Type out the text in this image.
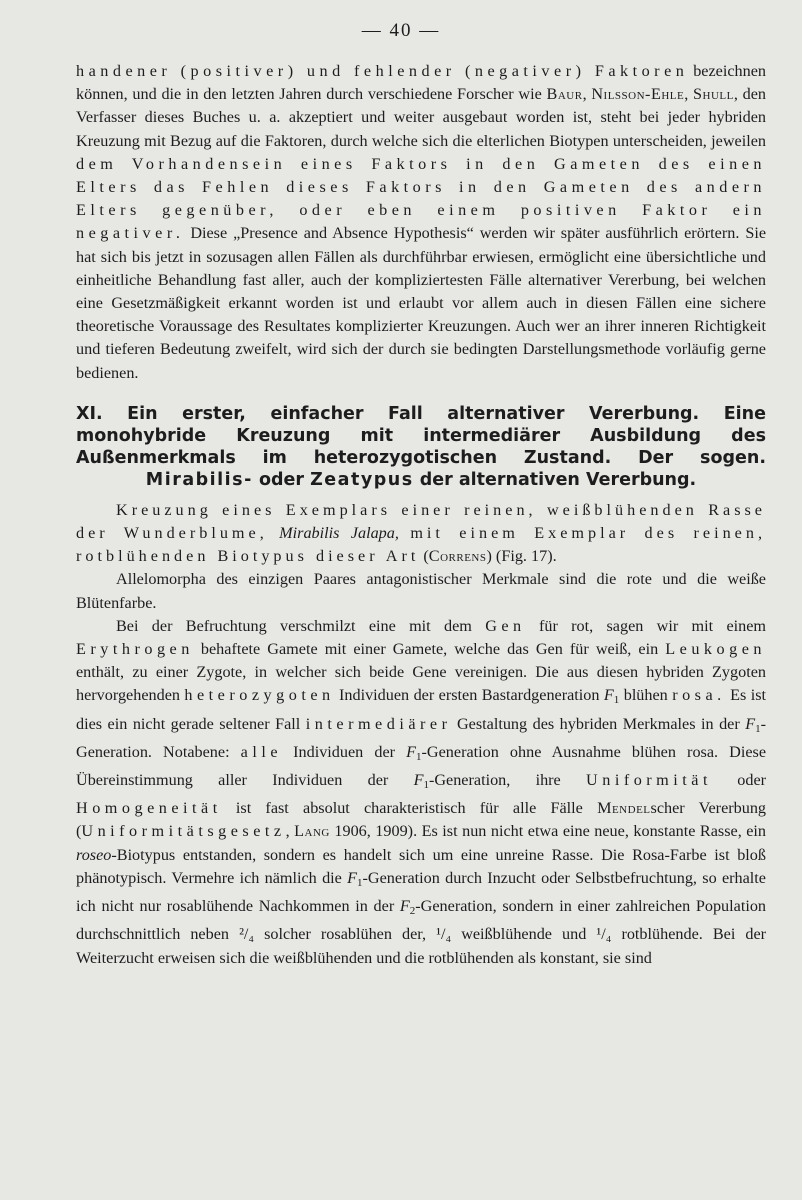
— 40 —

handener (positiver) und fehlender (negativer) Faktoren bezeichnen können, und die in den letzten Jahren durch verschiedene Forscher wie Baur, Nilsson-Ehle, Shull, den Verfasser dieses Buches u. a. akzeptiert und weiter ausgebaut worden ist, steht bei jeder hybriden Kreuzung mit Bezug auf die Faktoren, durch welche sich die elterlichen Biotypen unterscheiden, jeweilen dem Vorhandensein eines Faktors in den Gameten des einen Elters das Fehlen dieses Faktors in den Gameten des andern Elters gegenüber, oder eben einem positiven Faktor ein negativer. Diese „Presence and Absence Hypothesis“ werden wir später ausführlich erörtern. Sie hat sich bis jetzt in sozusagen allen Fällen als durchführbar erwiesen, ermöglicht eine übersichtliche und einheitliche Behandlung fast aller, auch der kompliziertesten Fälle alternativer Vererbung, bei welchen eine Gesetzmäßigkeit erkannt worden ist und erlaubt vor allem auch in diesen Fällen eine sichere theoretische Voraussage des Resultates komplizierter Kreuzungen. Auch wer an ihrer inneren Richtigkeit und tieferen Bedeutung zweifelt, wird sich der durch sie bedingten Darstellungsmethode vorläufig gerne bedienen.

XI. Ein erster, einfacher Fall alternativer Vererbung. Eine monohybride Kreuzung mit intermediärer Ausbildung des Außenmerkmals im heterozygotischen Zustand. Der sogen. Mirabilis- oder Zeatypus der alternativen Vererbung.

Kreuzung eines Exemplars einer reinen, weißblühenden Rasse der Wunderblume, Mirabilis Jalapa, mit einem Exemplar des reinen, rotblühenden Biotypus dieser Art (Correns) (Fig. 17).

Allelomorpha des einzigen Paares antagonistischer Merkmale sind die rote und die weiße Blütenfarbe.

Bei der Befruchtung verschmilzt eine mit dem Gen für rot, sagen wir mit einem Erythrogen behaftete Gamete mit einer Gamete, welche das Gen für weiß, ein Leukogen enthält, zu einer Zygote, in welcher sich beide Gene vereinigen. Die aus diesen hybriden Zygoten hervorgehenden heterozygoten Individuen der ersten Bastardgeneration $F_1$ blühen rosa. Es ist dies ein nicht gerade seltener Fall intermediärer Gestaltung des hybriden Merkmales in der $F_1$-Generation. Notabene: alle Individuen der $F_1$-Generation ohne Ausnahme blühen rosa. Diese Übereinstimmung aller Individuen der $F_1$-Generation, ihre Uniformität oder Homogeneität ist fast absolut charakteristisch für alle Fälle Mendelscher Vererbung (Uniformitätsgesetz, Lang 1906, 1909). Es ist nun nicht etwa eine neue, konstante Rasse, ein roseo-Biotypus entstanden, sondern es handelt sich um eine unreine Rasse. Die Rosa-Farbe ist bloß phänotypisch. Vermehre ich nämlich die $F_1$-Generation durch Inzucht oder Selbstbefruchtung, so erhalte ich nicht nur rosablühende Nachkommen in der $F_2$-Generation, sondern in einer zahlreichen Population durchschnittlich neben ²/₄ solcher rosablühen der, ¹/₄ weißblühende und ¹/₄ rotblühende. Bei der Weiterzucht erweisen sich die weißblühenden und die rotblühenden als konstant, sie sind
